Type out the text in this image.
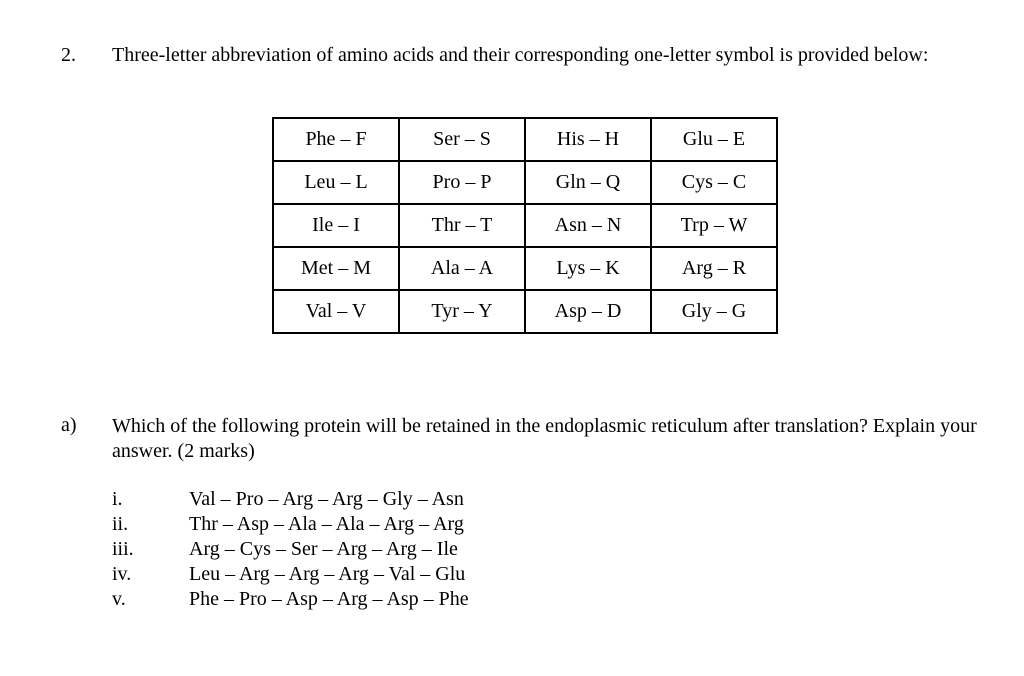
2. Three-letter abbreviation of amino acids and their corresponding one-letter symbol is provided below:
Phe – F	Ser – S	His – H	Glu – E
Leu – L	Pro – P	Gln – Q	Cys – C
Ile – I	Thr – T	Asn – N	Trp – W
Met – M	Ala – A	Lys – K	Arg – R
Val – V	Tyr – Y	Asp – D	Gly – G
a) Which of the following protein will be retained in the endoplasmic reticulum after translation? Explain your answer. (2 marks)
i.	Val – Pro – Arg – Arg – Gly – Asn
ii.	Thr – Asp – Ala – Ala – Arg – Arg
iii.	Arg – Cys – Ser – Arg – Arg – Ile
iv.	Leu – Arg – Arg – Arg – Val – Glu
v.	Phe – Pro – Asp – Arg – Asp – Phe
